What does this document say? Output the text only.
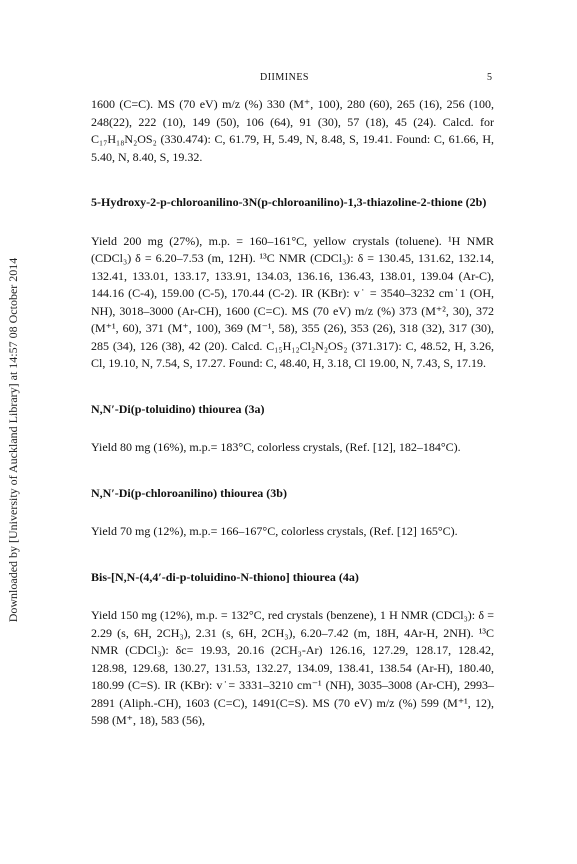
DIIMINES	5
Downloaded by [University of Auckland Library] at 14:57 08 October 2014

1600 (C=C). MS (70 eV) m/z (%) 330 (M⁺, 100), 280 (60), 265 (16), 256 (100, 248(22), 222 (10), 149 (50), 106 (64), 91 (30), 57 (18), 45 (24). Calcd. for C₁₇H₁₈N₂OS₂ (330.474): C, 61.79, H, 5.49, N, 8.48, S, 19.41. Found: C, 61.66, H, 5.40, N, 8.40, S, 19.32.

5-Hydroxy-2-p-chloroanilino-3N(p-chloroanilino)-1,3-thiazoline-2-thione (2b)

Yield 200 mg (27%), m.p. = 160–161°C, yellow crystals (toluene). ¹H NMR (CDCl₃) δ = 6.20–7.53 (m, 12H). ¹³C NMR (CDCl₃): δ = 130.45, 131.62, 132.14, 132.41, 133.01, 133.17, 133.91, 134.03, 136.16, 136.43, 138.01, 139.04 (Ar-C), 144.16 (C-4), 159.00 (C-5), 170.44 (C-2). IR (KBr): v˙ = 3540–3232 cm˙1 (OH, NH), 3018–3000 (Ar-CH), 1600 (C=C). MS (70 eV) m/z (%) 373 (M⁺², 30), 372 (M⁺¹, 60), 371 (M⁺, 100), 369 (M⁻¹, 58), 355 (26), 353 (26), 318 (32), 317 (30), 285 (34), 126 (38), 42 (20). Calcd. C₁₅H₁₂Cl₂N₂OS₂ (371.317): C, 48.52, H, 3.26, Cl, 19.10, N, 7.54, S, 17.27. Found: C, 48.40, H, 3.18, Cl 19.00, N, 7.43, S, 17.19.

N,N′-Di(p-toluidino) thiourea (3a)

Yield 80 mg (16%), m.p.= 183°C, colorless crystals, (Ref. [12], 182–184°C).

N,N′-Di(p-chloroanilino) thiourea (3b)

Yield 70 mg (12%), m.p.= 166–167°C, colorless crystals, (Ref. [12] 165°C).

Bis-[N,N-(4,4′-di-p-toluidino-N-thiono] thiourea (4a)

Yield 150 mg (12%), m.p. = 132°C, red crystals (benzene), 1 H NMR (CDCl₃): δ = 2.29 (s, 6H, 2CH₃), 2.31 (s, 6H, 2CH₃), 6.20–7.42 (m, 18H, 4Ar-H, 2NH). ¹³C NMR (CDCl₃): δc= 19.93, 20.16 (2CH₃-Ar) 126.16, 127.29, 128.17, 128.42, 128.98, 129.68, 130.27, 131.53, 132.27, 134.09, 138.41, 138.54 (Ar-H), 180.40, 180.99 (C=S). IR (KBr): v˙= 3331–3210 cm⁻¹ (NH), 3035–3008 (Ar-CH), 2993–2891 (Aliph.-CH), 1603 (C=C), 1491(C=S). MS (70 eV) m/z (%) 599 (M⁺¹, 12), 598 (M⁺, 18), 583 (56),
